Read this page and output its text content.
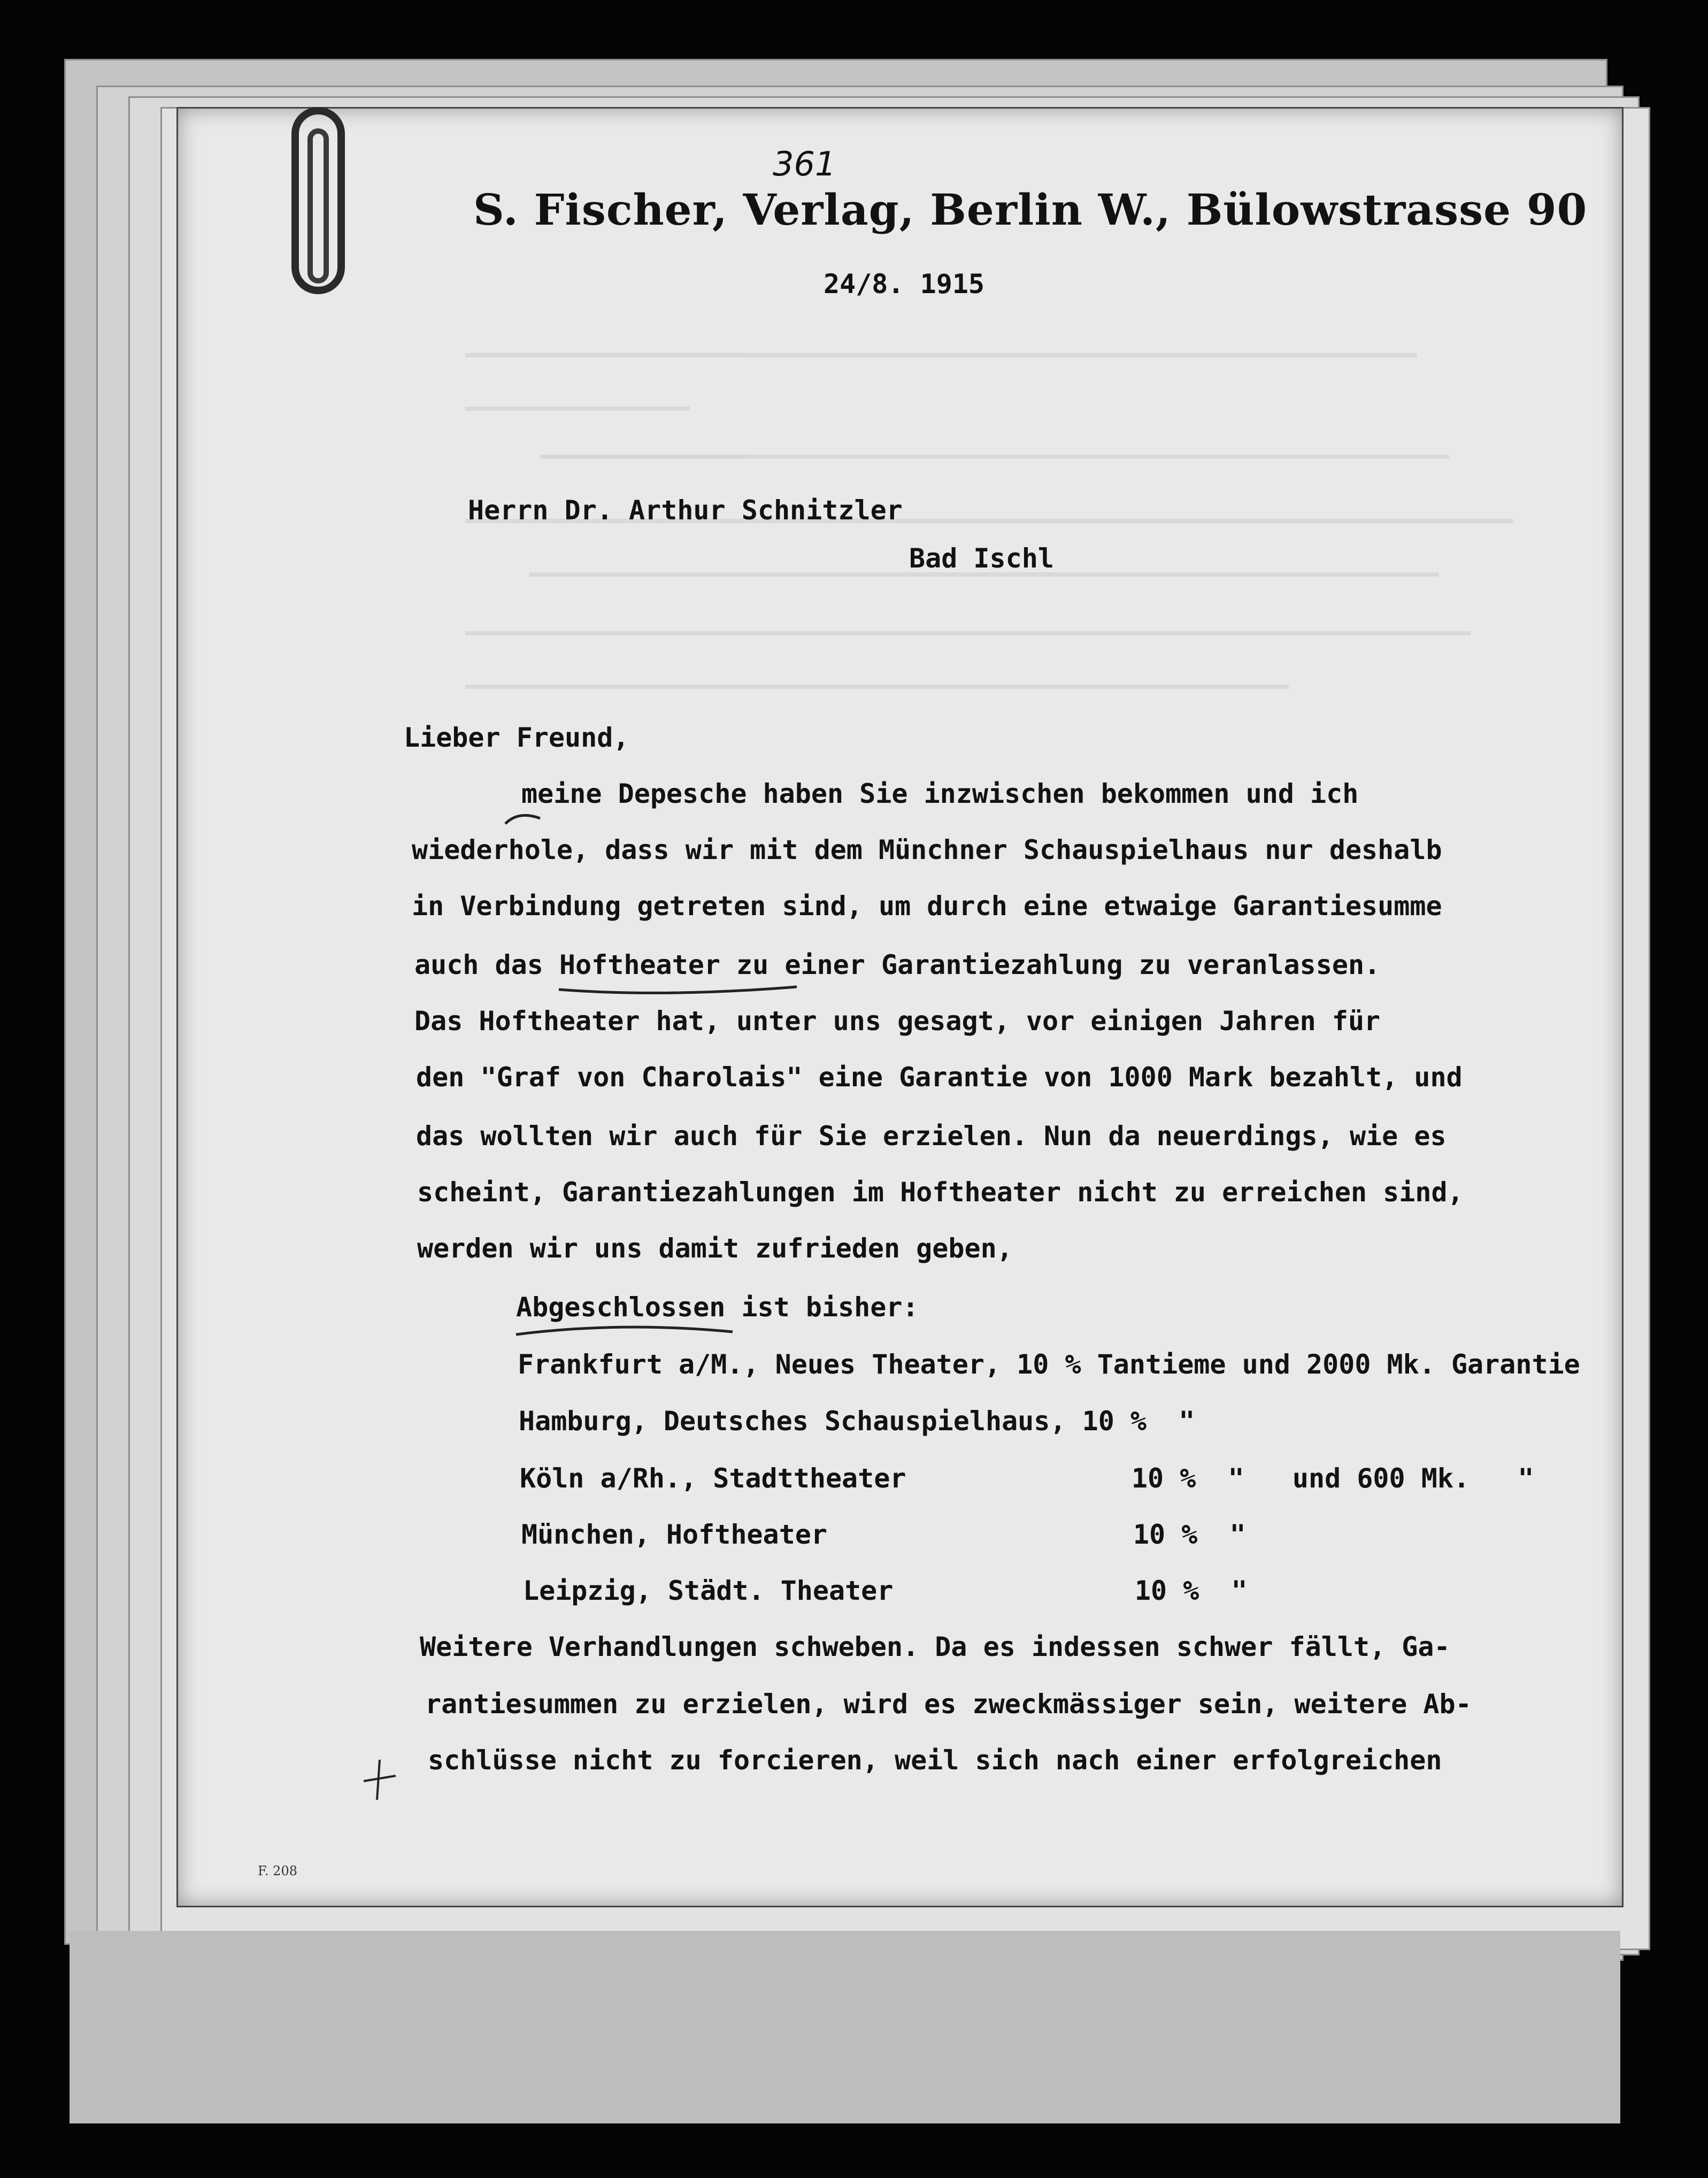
361
S. Fischer, Verlag, Berlin W., Bülowstrasse 90
24/8. 1915
Herrn Dr. Arthur Schnitzler
Bad Ischl
Lieber Freund,
meine Depesche haben Sie inzwischen bekommen und ich
wiederhole, dass wir mit dem Münchner Schauspielhaus nur deshalb
in Verbindung getreten sind, um durch eine etwaige Garantiesumme
auch das Hoftheater zu einer Garantiezahlung zu veranlassen.
Das Hoftheater hat, unter uns gesagt, vor einigen Jahren für
den "Graf von Charolais" eine Garantie von 1000 Mark bezahlt, und
das wollten wir auch für Sie erzielen. Nun da neuerdings, wie es
scheint, Garantiezahlungen im Hoftheater nicht zu erreichen sind,
werden wir uns damit zufrieden geben,
Abgeschlossen ist bisher:
Frankfurt a/M., Neues Theater, 10 % Tantieme und 2000 Mk. Garantie
Hamburg, Deutsches Schauspielhaus, 10 %  "
Köln a/Rh., Stadttheater              10 %  "   und 600 Mk.   "
München, Hoftheater                   10 %  "
Leipzig, Städt. Theater               10 %  "
Weitere Verhandlungen schweben. Da es indessen schwer fällt, Ga-
rantiesummen zu erzielen, wird es zweckmässiger sein, weitere Ab-
schlüsse nicht zu forcieren, weil sich nach einer erfolgreichen
F. 208
